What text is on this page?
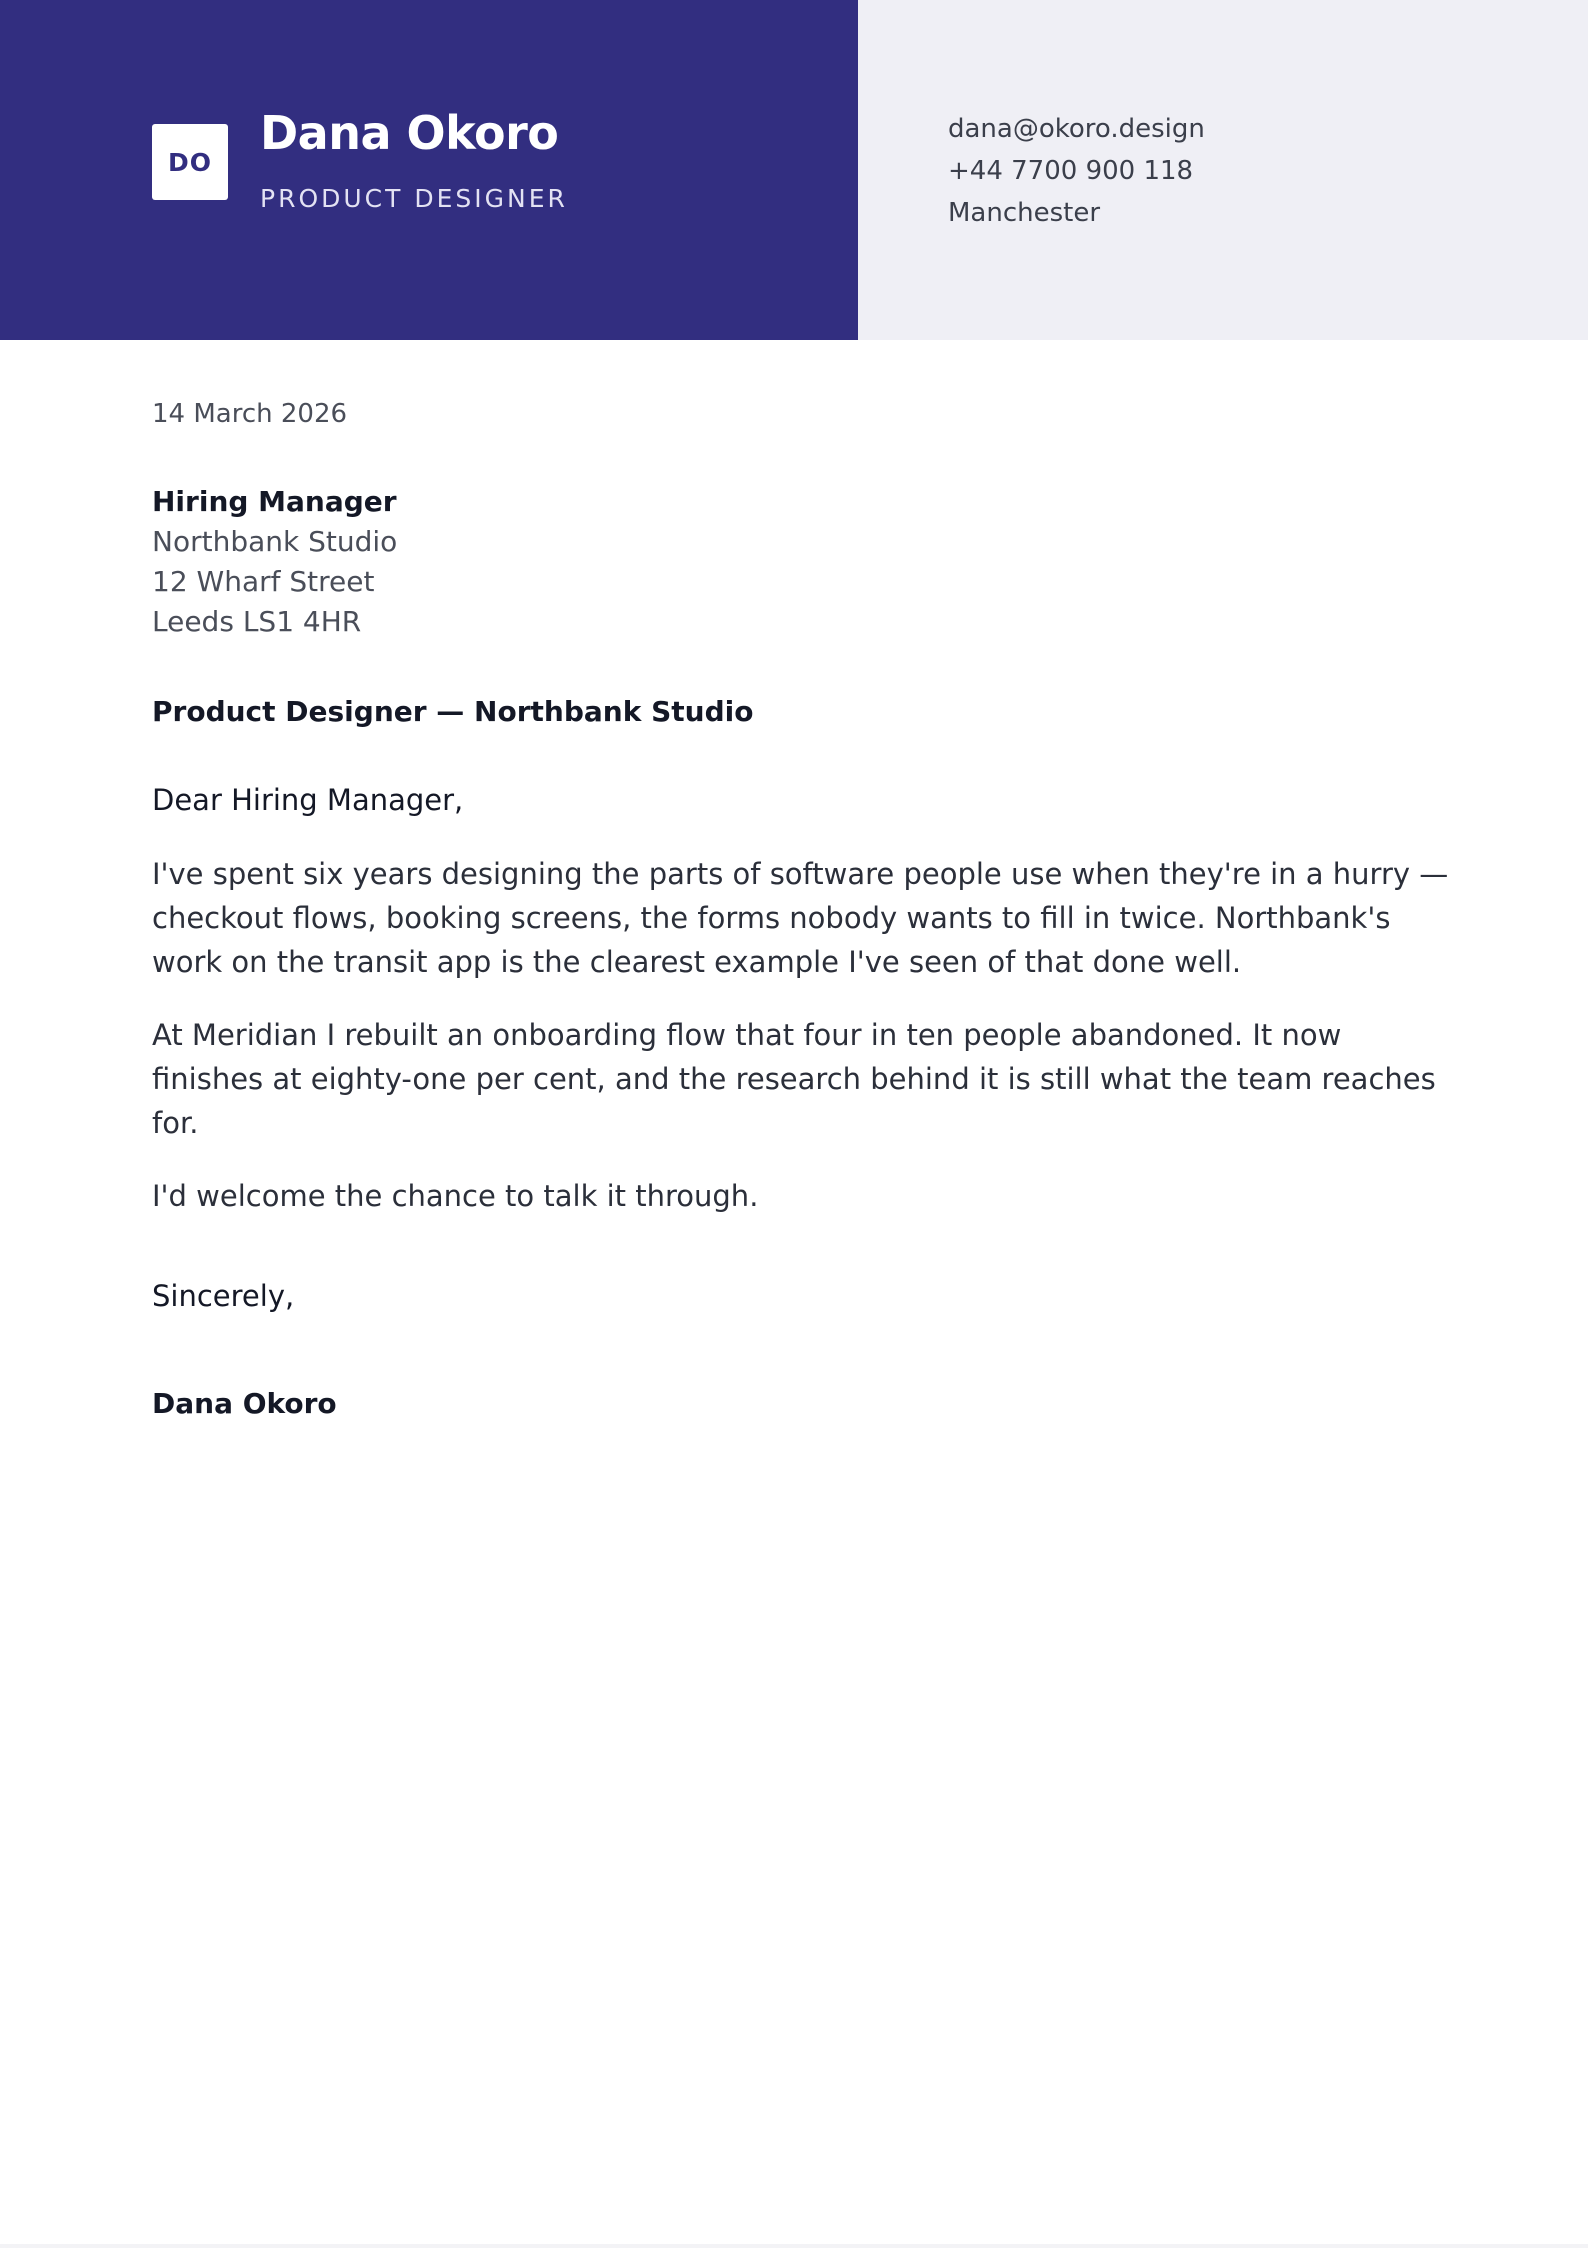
DO
Dana Okoro
PRODUCT DESIGNER
dana@okoro.design
+44 7700 900 118
Manchester
14 March 2026
Hiring Manager
Northbank Studio
12 Wharf Street
Leeds LS1 4HR
Product Designer — Northbank Studio
Dear Hiring Manager,
I've spent six years designing the parts of software people use when they're in a hurry — checkout flows, booking screens, the forms nobody wants to fill in twice. Northbank's work on the transit app is the clearest example I've seen of that done well.
At Meridian I rebuilt an onboarding flow that four in ten people abandoned. It now finishes at eighty-one per cent, and the research behind it is still what the team reaches for.
I'd welcome the chance to talk it through.
Sincerely,
Dana Okoro
